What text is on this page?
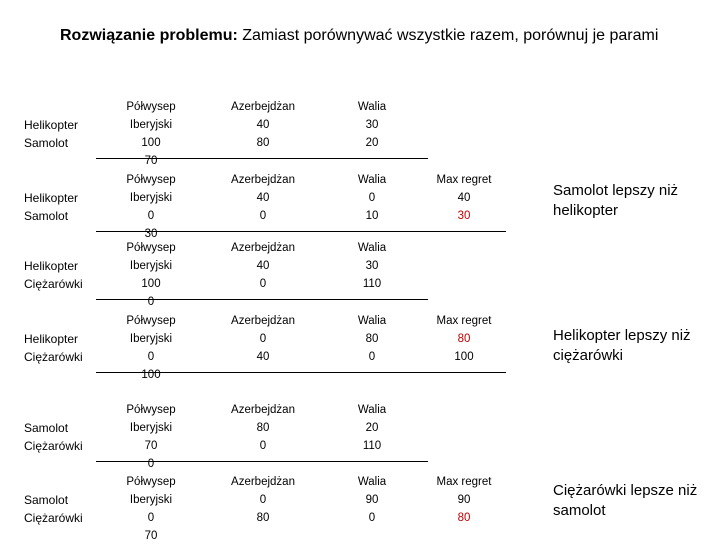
Rozwiązanie problemu: Zamiast porównywać wszystkie razem, porównuj je parami
Helikopter
Samolot
Półwysep Iberyjski
100
70
Azerbejdżan
40
80
Walia
30
20
Helikopter
Samolot
Półwysep Iberyjski
0
30
Azerbejdżan
40
0
Walia
0
10
Max regret
40
30
Samolot lepszy niż helikopter
Helikopter
Ciężarówki
Półwysep Iberyjski
100
0
Azerbejdżan
40
0
Walia
30
110
Helikopter
Ciężarówki
Półwysep Iberyjski
0
100
Azerbejdżan
0
40
Walia
80
0
Max regret
80
100
Helikopter lepszy niż ciężarówki
Samolot
Ciężarówki
Półwysep Iberyjski
70
0
Azerbejdżan
80
0
Walia
20
110
Samolot
Ciężarówki
Półwysep Iberyjski
0
70
Azerbejdżan
0
80
Walia
90
0
Max regret
90
80
Ciężarówki lepsze niż samolot
